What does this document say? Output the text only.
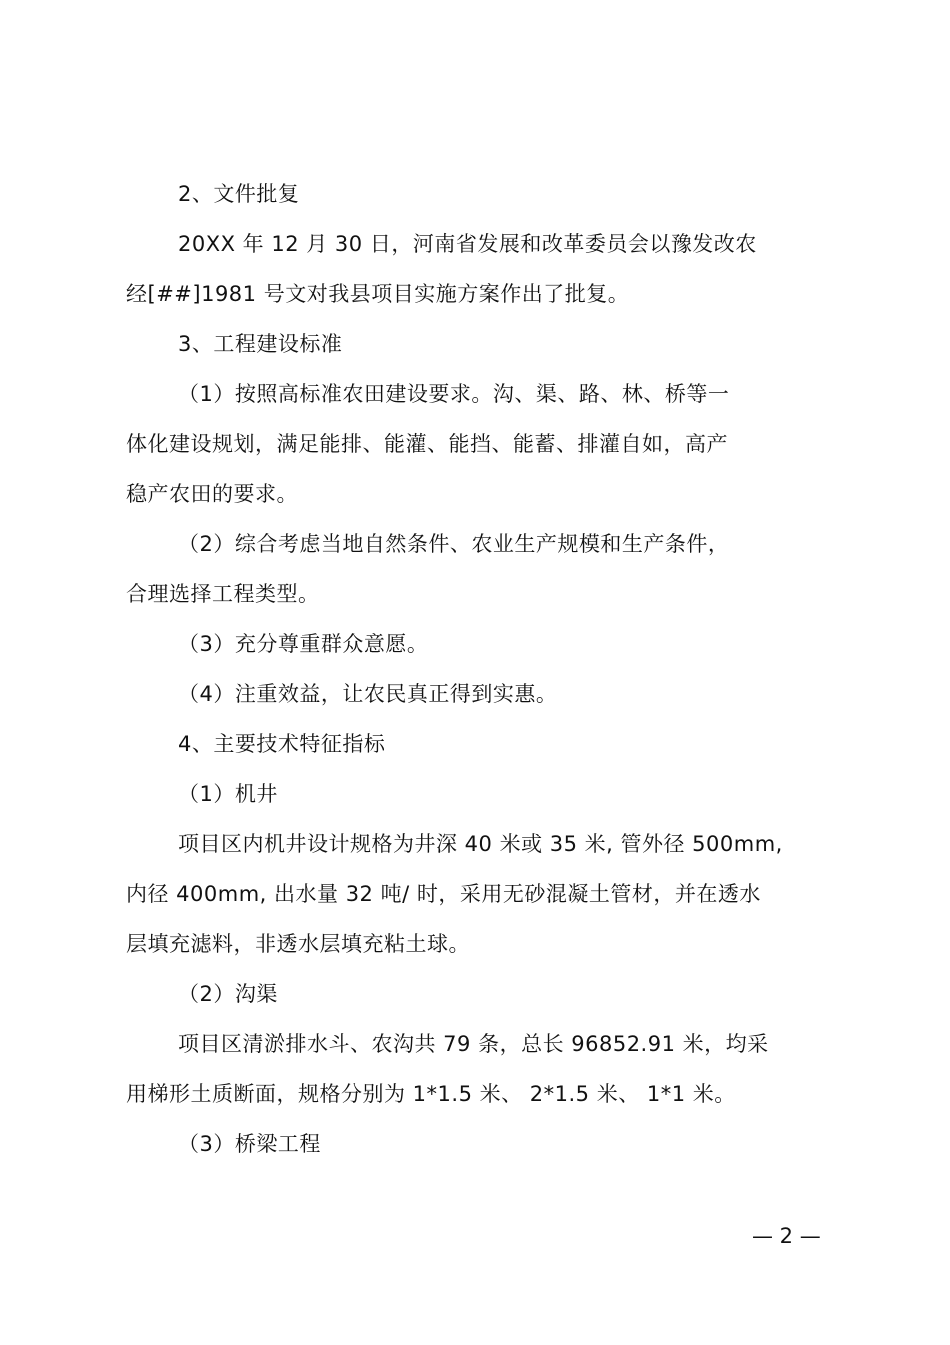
2、文件批复
20XX 年 12 月 30 日，河南省发展和改革委员会以豫发改农
经[##]1981 号文对我县项目实施方案作出了批复。
3、工程建设标准
（1）按照高标准农田建设要求。沟、渠、路、林、桥等一
体化建设规划，满足能排、能灌、能挡、能蓄、排灌自如，高产
稳产农田的要求。
（2）综合考虑当地自然条件、农业生产规模和生产条件，
合理选择工程类型。
（3）充分尊重群众意愿。
（4）注重效益，让农民真正得到实惠。
4、主要技术特征指标
（1）机井
项目区内机井设计规格为井深 40 米或 35 米, 管外径 500mm,
内径 400mm, 出水量 32 吨/ 时，采用无砂混凝土管材，并在透水
层填充滤料，非透水层填充粘土球。
（2）沟渠
项目区清淤排水斗、农沟共 79 条，总长 96852.91 米，均采
用梯形土质断面，规格分别为 1*1.5 米、 2*1.5 米、 1*1 米。
（3）桥梁工程
— 2 —
